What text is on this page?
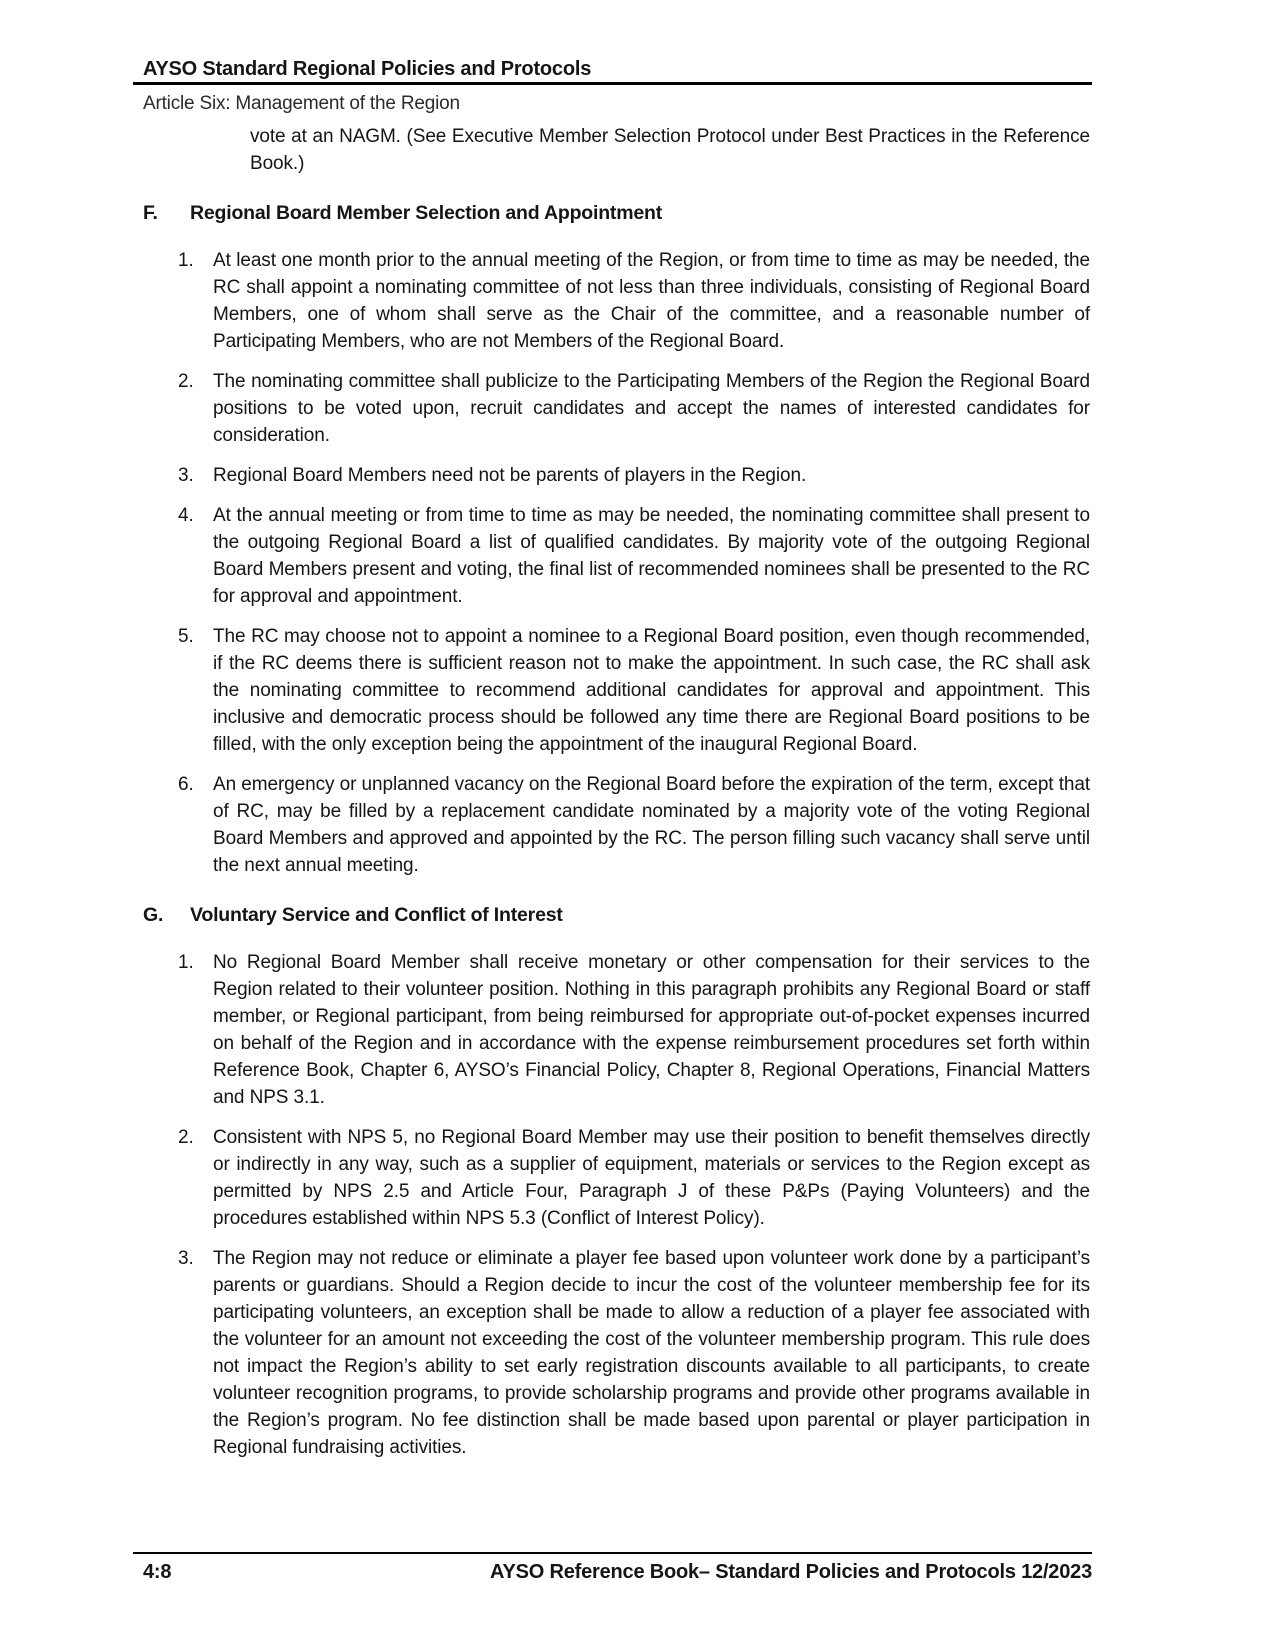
AYSO Standard Regional Policies and Protocols
Article Six: Management of the Region

vote at an NAGM. (See Executive Member Selection Protocol under Best Practices in the Reference Book.)

F.	Regional Board Member Selection and Appointment
1.	At least one month prior to the annual meeting of the Region, or from time to time as may be needed, the RC shall appoint a nominating committee of not less than three individuals, consisting of Regional Board Members, one of whom shall serve as the Chair of the committee, and a reasonable number of Participating Members, who are not Members of the Regional Board.
2.	The nominating committee shall publicize to the Participating Members of the Region the Regional Board positions to be voted upon, recruit candidates and accept the names of interested candidates for consideration.
3.	Regional Board Members need not be parents of players in the Region.
4.	At the annual meeting or from time to time as may be needed, the nominating committee shall present to the outgoing Regional Board a list of qualified candidates. By majority vote of the outgoing Regional Board Members present and voting, the final list of recommended nominees shall be presented to the RC for approval and appointment.
5.	The RC may choose not to appoint a nominee to a Regional Board position, even though recommended, if the RC deems there is sufficient reason not to make the appointment. In such case, the RC shall ask the nominating committee to recommend additional candidates for approval and appointment. This inclusive and democratic process should be followed any time there are Regional Board positions to be filled, with the only exception being the appointment of the inaugural Regional Board.
6.	An emergency or unplanned vacancy on the Regional Board before the expiration of the term, except that of RC, may be filled by a replacement candidate nominated by a majority vote of the voting Regional Board Members and approved and appointed by the RC. The person filling such vacancy shall serve until the next annual meeting.
G.	Voluntary Service and Conflict of Interest
1.	No Regional Board Member shall receive monetary or other compensation for their services to the Region related to their volunteer position. Nothing in this paragraph prohibits any Regional Board or staff member, or Regional participant, from being reimbursed for appropriate out-of-pocket expenses incurred on behalf of the Region and in accordance with the expense reimbursement procedures set forth within Reference Book, Chapter 6, AYSO’s Financial Policy, Chapter 8, Regional Operations, Financial Matters and NPS 3.1.
2.	Consistent with NPS 5, no Regional Board Member may use their position to benefit themselves directly or indirectly in any way, such as a supplier of equipment, materials or services to the Region except as permitted by NPS 2.5 and Article Four, Paragraph J of these P&Ps (Paying Volunteers) and the procedures established within NPS 5.3 (Conflict of Interest Policy).
3.	The Region may not reduce or eliminate a player fee based upon volunteer work done by a participant’s parents or guardians. Should a Region decide to incur the cost of the volunteer membership fee for its participating volunteers, an exception shall be made to allow a reduction of a player fee associated with the volunteer for an amount not exceeding the cost of the volunteer membership program. This rule does not impact the Region’s ability to set early registration discounts available to all participants, to create volunteer recognition programs, to provide scholarship programs and provide other programs available in the Region’s program. No fee distinction shall be made based upon parental or player participation in Regional fundraising activities.
4:8	AYSO Reference Book– Standard Policies and Protocols 12/2023
